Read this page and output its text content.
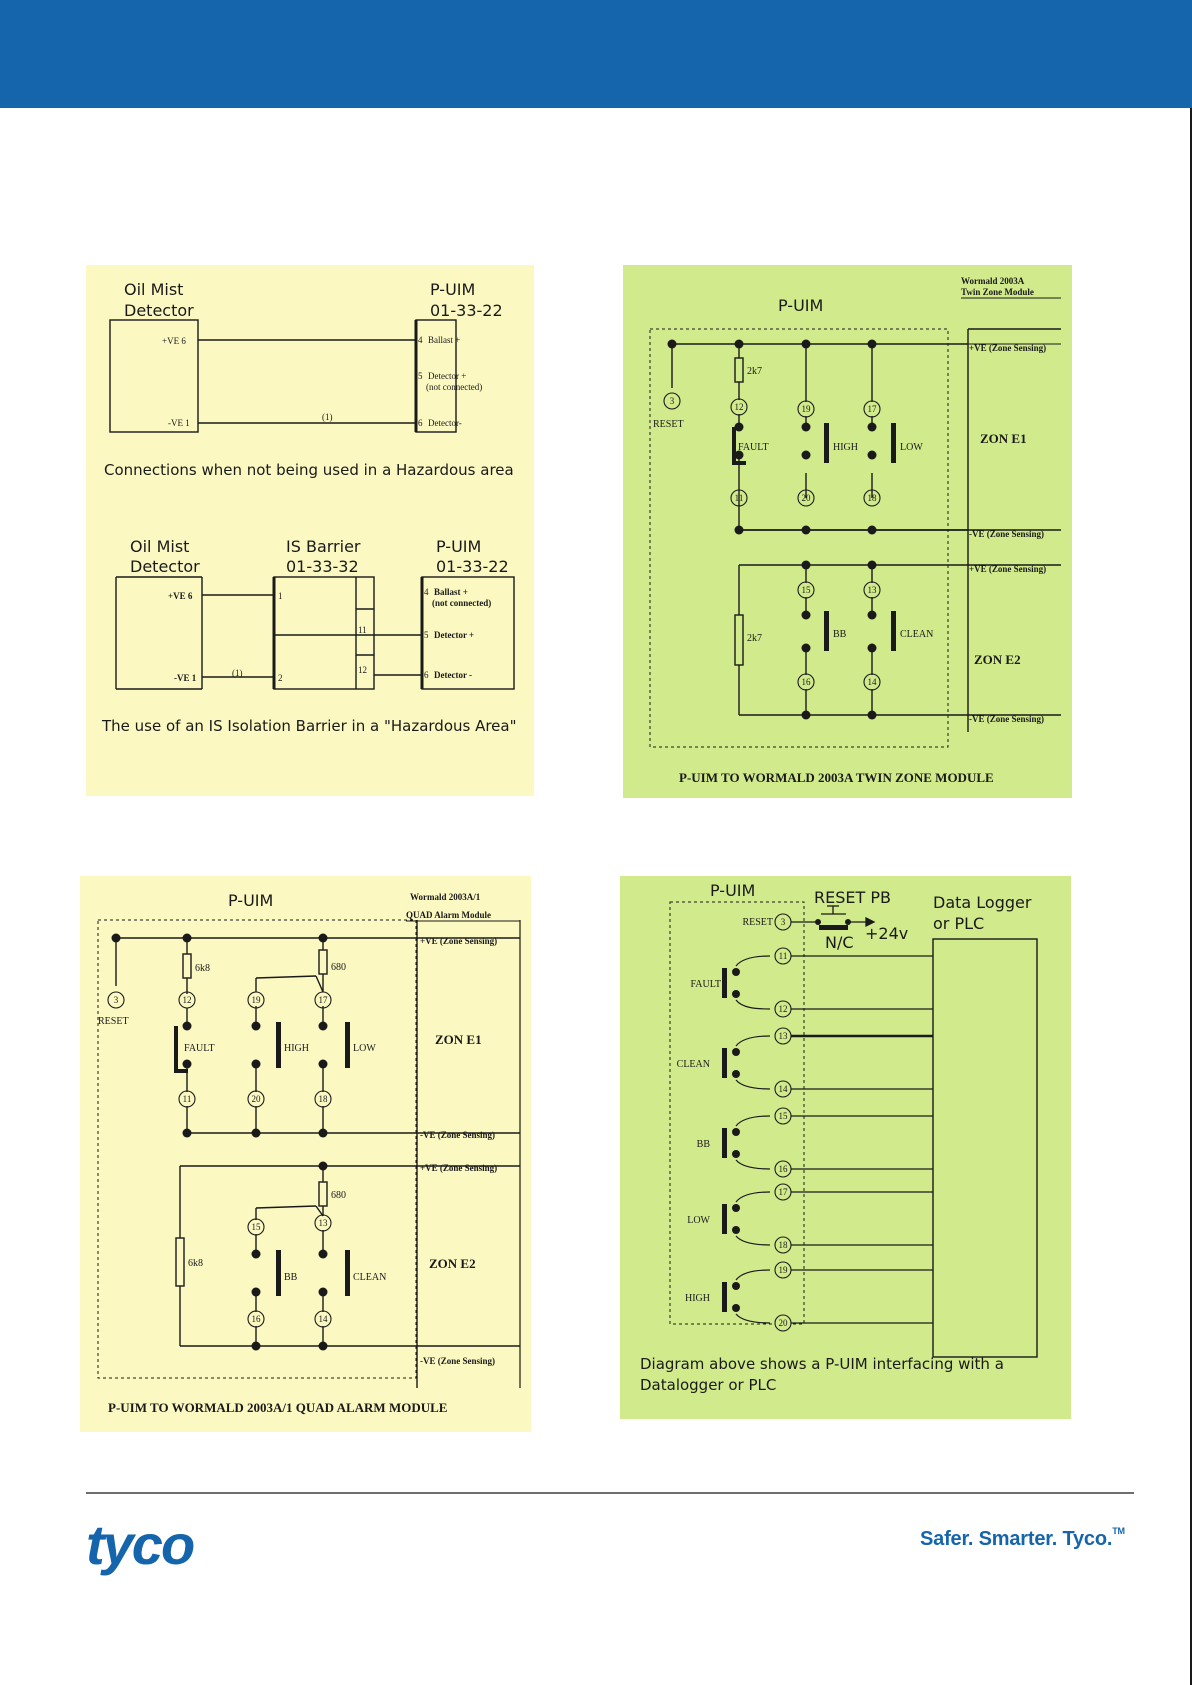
Oil Mist
Detector
P-UIM
01-33-22
Oil Mist
Detector
IS Barrier
01-33-32
P-UIM
01-33-22
Connections when not being used in a Hazardous area
The use of an IS Isolation Barrier in a "Hazardous Area"
+VE 6
-VE 1
(1)
4 Ballast +
5 Detector +
(not connected)
6 Detector-
+VE 6
-VE 1	(1)
1
2
11
12
4 Ballast +
(not connected)
5 Detector +
6 Detector -
3
12	19	17
11	20	18
15	13
16	14
RESET
2k7
2k7
FAULT	HIGH	LOW
BB	CLEAN
Wormald 2003A
Twin Zone Module
+VE (Zone Sensing)
-VE (Zone Sensing)
+VE (Zone Sensing)
-VE (Zone Sensing)
ZON E1
ZON E2
P-UIM TO WORMALD 2003A TWIN ZONE MODULE
P-UIM
3	12	19	17
11	20	18
15	13
16	14
RESET
6k8	680
680
6k8
FAULT	HIGH	LOW
BB	CLEAN
Wormald 2003A/1
QUAD Alarm Module
+VE (Zone Sensing)
-VE (Zone Sensing)
+VE (Zone Sensing)
-VE (Zone Sensing)
ZON E1
ZON E2
P-UIM TO WORMALD 2003A/1 QUAD ALARM MODULE
P-UIM
3
11
12
13
14
15
16
17
18
19
20
RESET
FAULT
CLEAN
BB
LOW
HIGH
P-UIM	RESET PB
+24v
N/C
Data Logger
or PLC
Diagram above shows a P-UIM interfacing with a
Datalogger or PLC
tyco	Safer. Smarter. Tyco.™
